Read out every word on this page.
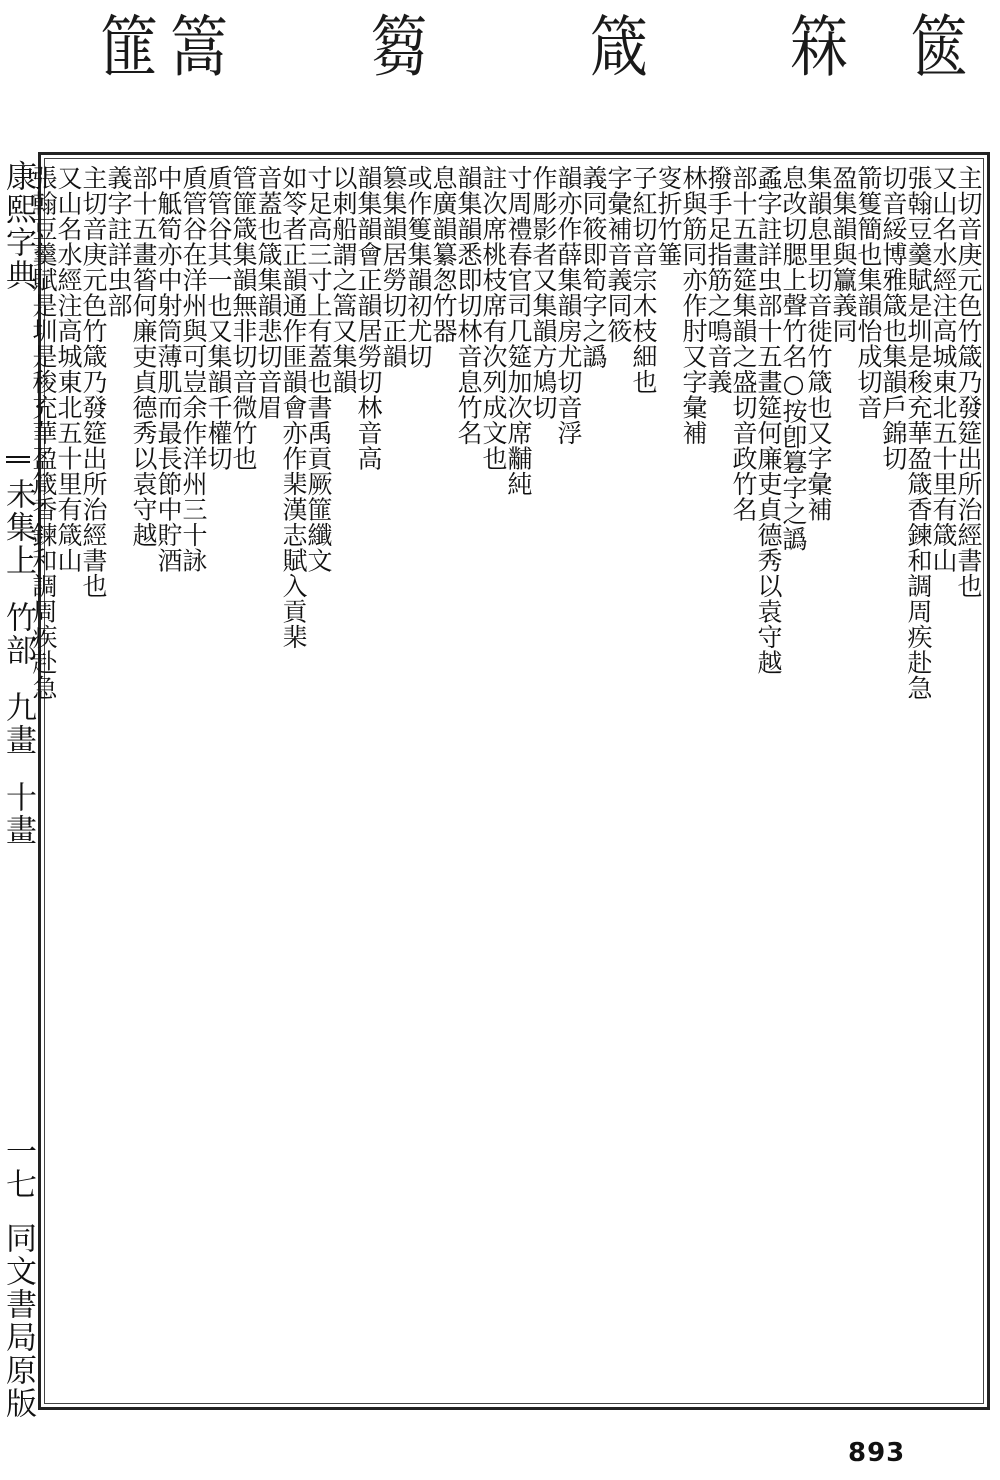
篚 篙 篘	箴 箖 篋
康熙字典
未集上 竹部 九畫 十畫
一七
同文書局原版
主切音庚元色竹箴乃發筵出所治經書也
又山名水經注高城東北五十里有箴山
張翰豆羹賦是圳是稄充華盈箴香鍊和調周疾赴急
切音綏博雅箴也集韻戶錦切
箭篗簡也集韻怡成切音
盈集韻與籯義同
集韻息里切音徙竹箴也又字彙補
息改切腮上聲竹名○按卽篹字之譌
蟊字註詳虫部十五畫筵何廉吏貞德秀以袁守越
部十五畫筵集韻之盛切音政竹名
撥手足指筋之鳴音義
林與筋同亦作肘又字彙補
叜折竹箠
子紅切音宗木枝細也
字彙補音義同筱
義同筱即筍字之譌
韻亦作薛集韻房尤切音浮
作彫影者又集韻方鳩切
寸周禮春官司几筵加次席黼純
註次席桃枝席有次列成文也
韻集韻悉即切林音息竹名
息廣韻纂怱竹器
或作篗集韻初尤切
篡集韻居勞切正韻
韻集韻會正韻居勞切林音高
以刺船謂之篙又集韻
寸足高三寸上有蓋也書禹貢厥篚纖文
如笭者正韻通作匪韻會亦作棐漢志賦入貢棐
音蓋也箴集韻悲切音眉
管篚箴集韻無非切音微竹也
貭管谷其一也又集韻千權切
貭管谷在洋州與可豈余作洋州三十詠
中觝筍亦中射筒薄肌而最長節中貯酒
部十五畫箵何廉吏貞德秀以袁守越
義字註詳虫部
主切音庚元色竹箴乃發筵出所治經書也
又山名水經注高城東北五十里有箴山
張翰豆羹賦是圳是稄充華盈箴香鍊和調周疾赴急
893
